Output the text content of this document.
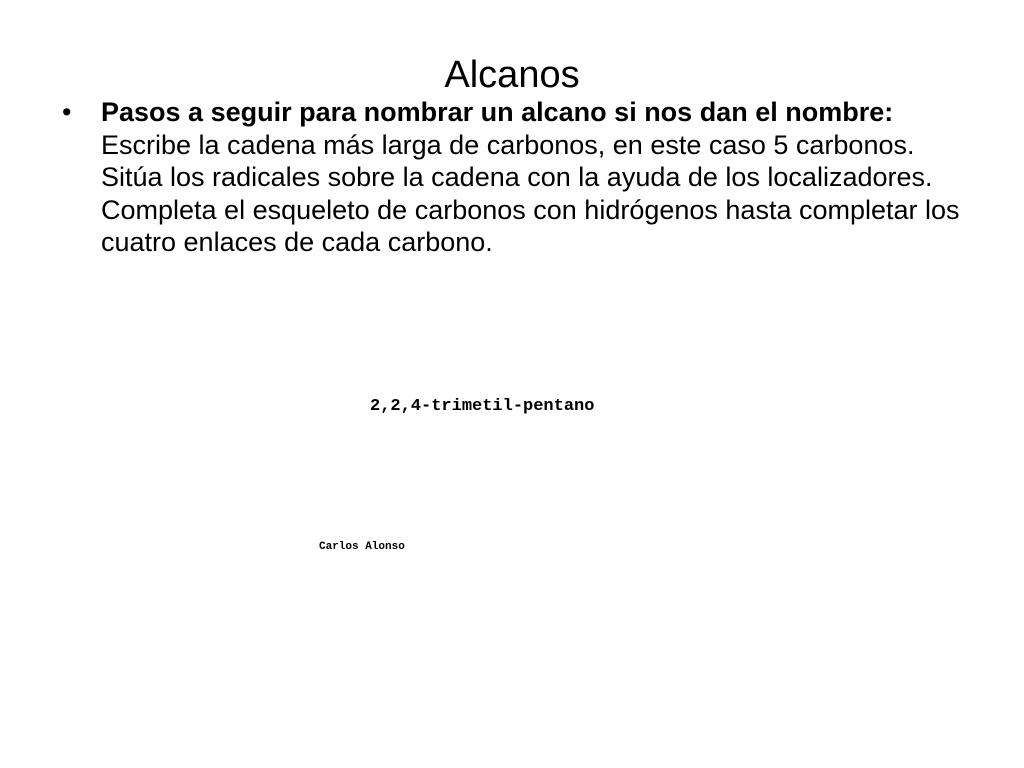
Alcanos
• Pasos a seguir para nombrar un alcano si nos dan el nombre: Escribe la cadena más larga de carbonos, en este caso 5 carbonos. Sitúa los radicales sobre la cadena con la ayuda de los localizadores. Completa el esqueleto de carbonos con hidrógenos hasta completar los cuatro enlaces de cada carbono.
2,2,4-trimetil-pentano
Carlos Alonso
